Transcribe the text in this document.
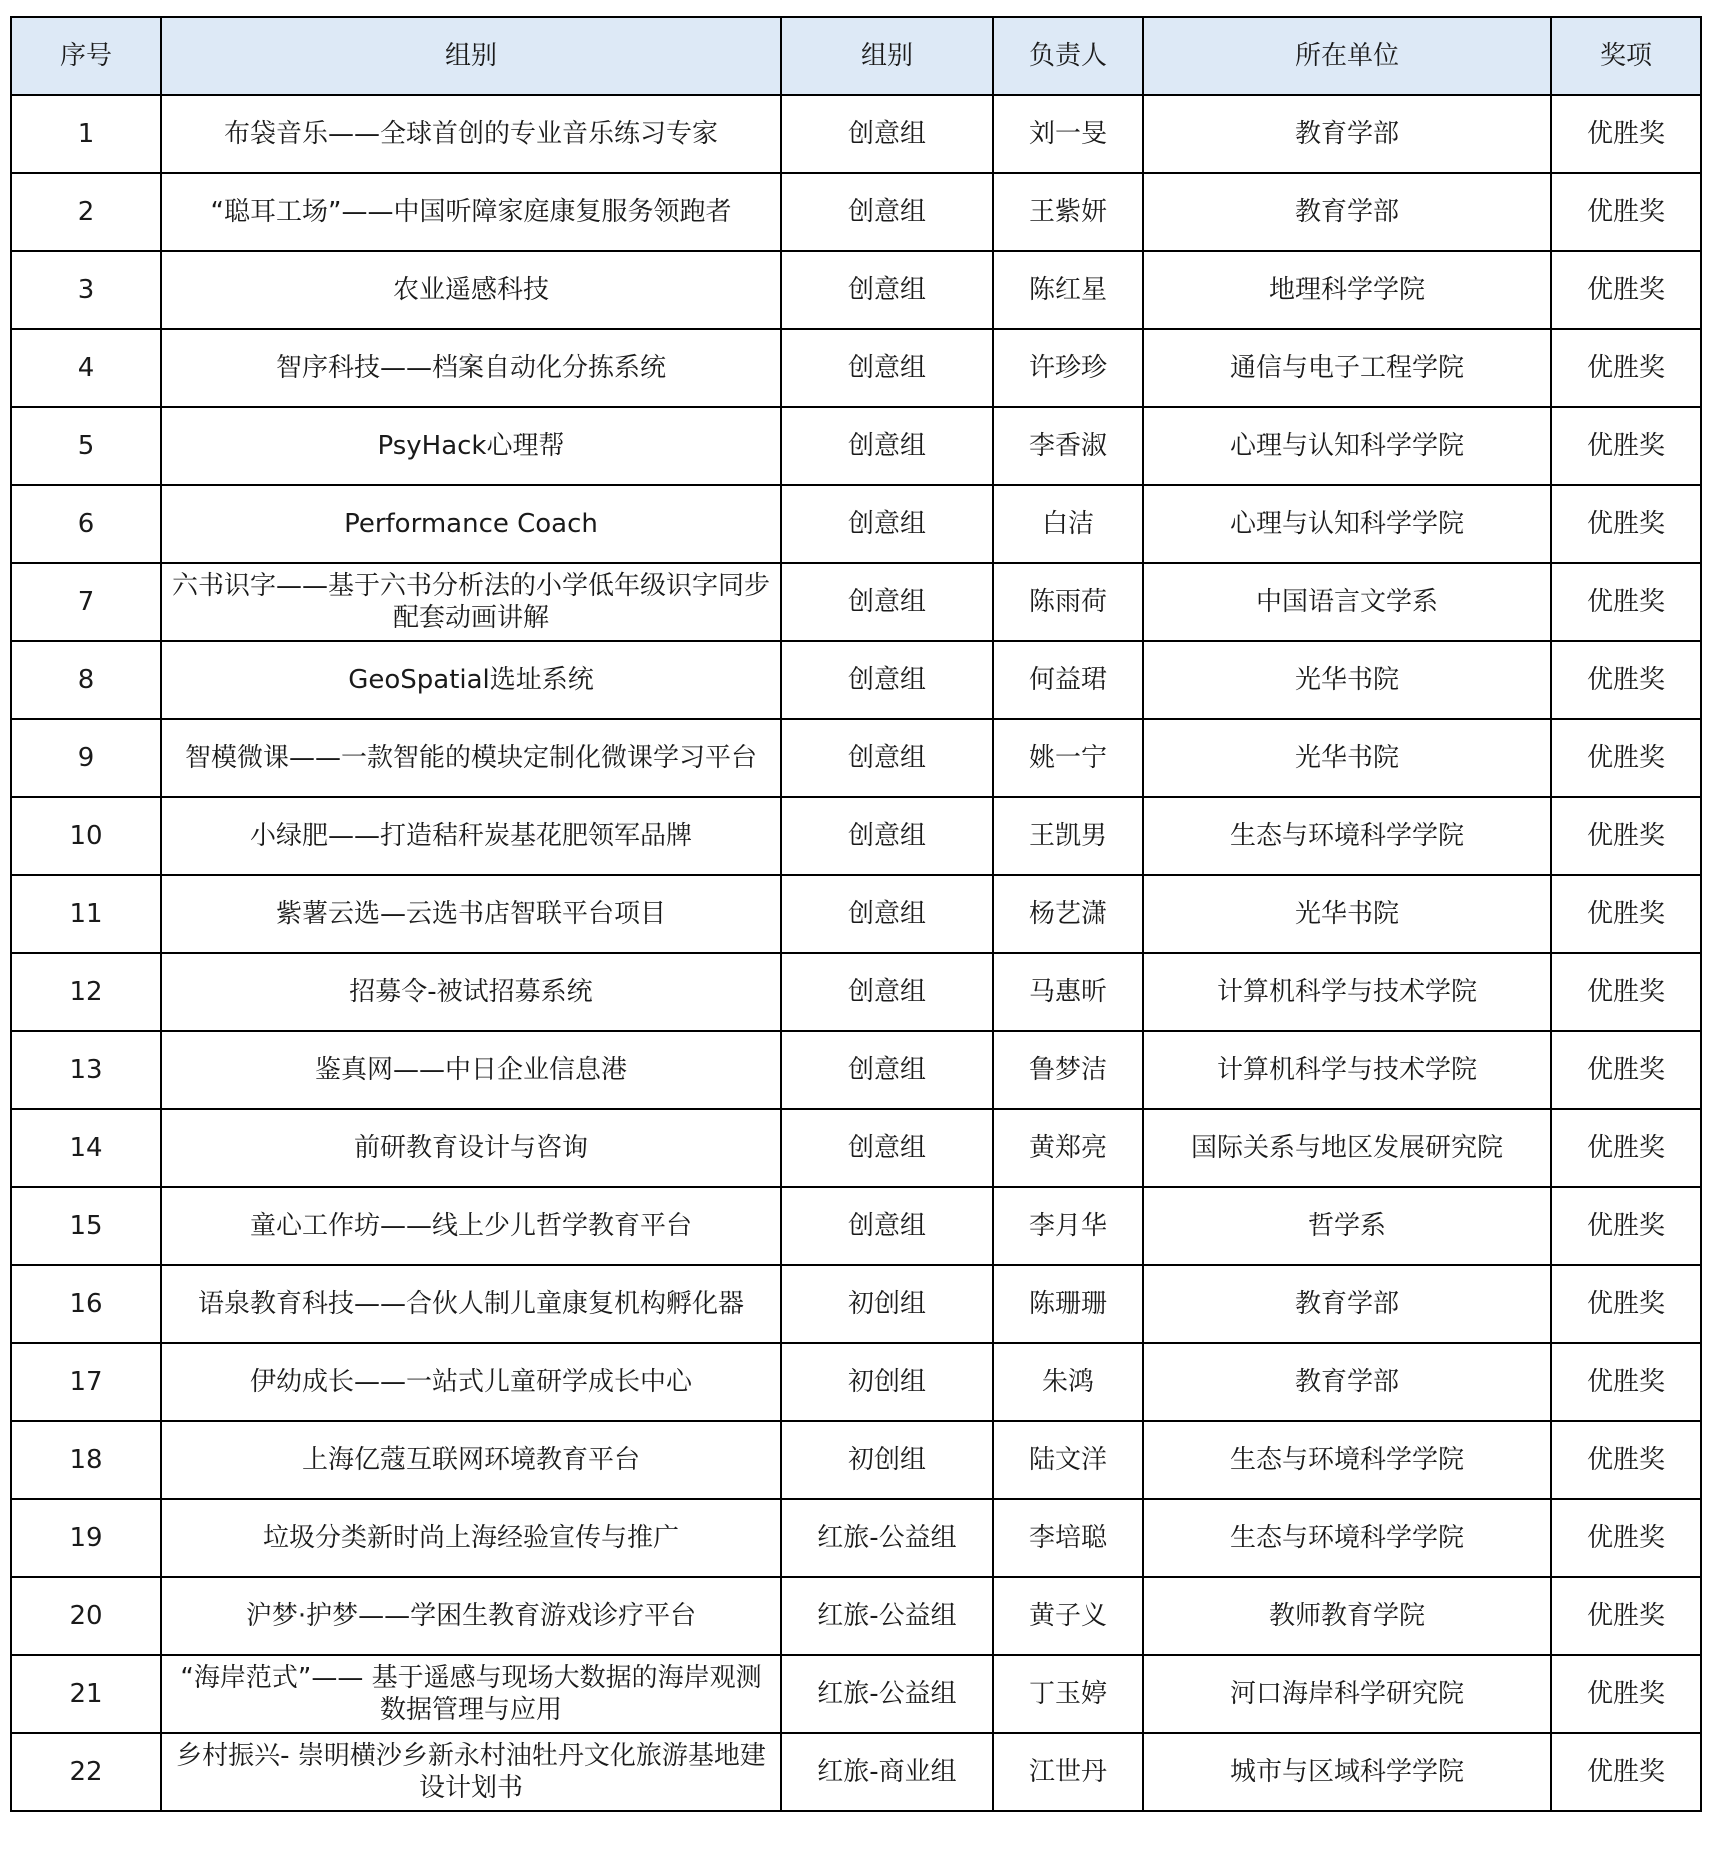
序号	组别	组别	负责人	所在单位	奖项
1	布袋音乐——全球首创的专业音乐练习专家	创意组	刘一旻	教育学部	优胜奖
2	“聪耳工场”——中国听障家庭康复服务领跑者	创意组	王紫妍	教育学部	优胜奖
3	农业遥感科技	创意组	陈红星	地理科学学院	优胜奖
4	智序科技——档案自动化分拣系统	创意组	许珍珍	通信与电子工程学院	优胜奖
5	PsyHack心理帮	创意组	李香淑	心理与认知科学学院	优胜奖
6	Performance Coach	创意组	白洁	心理与认知科学学院	优胜奖
7	六书识字——基于六书分析法的小学低年级识字同步配套动画讲解	创意组	陈雨荷	中国语言文学系	优胜奖
8	GeoSpatial选址系统	创意组	何益珺	光华书院	优胜奖
9	智模微课——一款智能的模块定制化微课学习平台	创意组	姚一宁	光华书院	优胜奖
10	小绿肥——打造秸秆炭基花肥领军品牌	创意组	王凯男	生态与环境科学学院	优胜奖
11	紫薯云选—云选书店智联平台项目	创意组	杨艺潇	光华书院	优胜奖
12	招募令-被试招募系统	创意组	马惠昕	计算机科学与技术学院	优胜奖
13	鉴真网——中日企业信息港	创意组	鲁梦洁	计算机科学与技术学院	优胜奖
14	前研教育设计与咨询	创意组	黄郑亮	国际关系与地区发展研究院	优胜奖
15	童心工作坊——线上少儿哲学教育平台	创意组	李月华	哲学系	优胜奖
16	语泉教育科技——合伙人制儿童康复机构孵化器	初创组	陈珊珊	教育学部	优胜奖
17	伊幼成长——一站式儿童研学成长中心	初创组	朱鸿	教育学部	优胜奖
18	上海亿蔻互联网环境教育平台	初创组	陆文洋	生态与环境科学学院	优胜奖
19	垃圾分类新时尚上海经验宣传与推广	红旅-公益组	李培聪	生态与环境科学学院	优胜奖
20	沪梦·护梦——学困生教育游戏诊疗平台	红旅-公益组	黄子义	教师教育学院	优胜奖
21	“海岸范式”—— 基于遥感与现场大数据的海岸观测数据管理与应用	红旅-公益组	丁玉婷	河口海岸科学研究院	优胜奖
22	乡村振兴- 崇明横沙乡新永村油牡丹文化旅游基地建设计划书	红旅-商业组	江世丹	城市与区域科学学院	优胜奖
